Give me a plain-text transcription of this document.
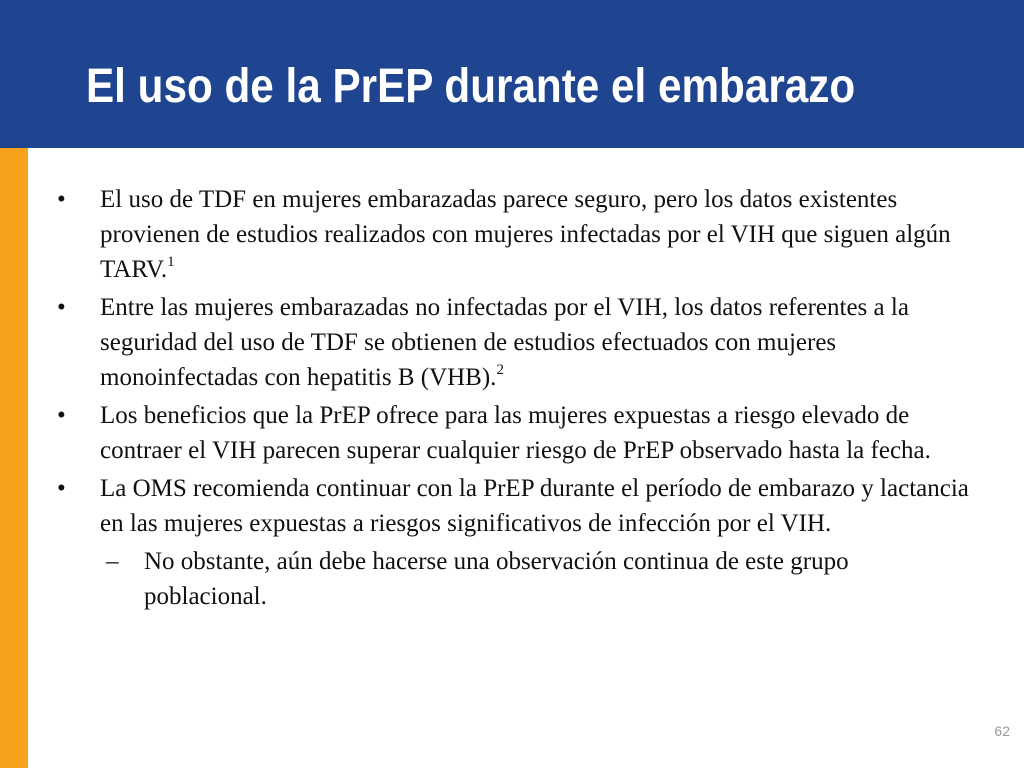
El uso de la PrEP durante el embarazo
• El uso de TDF en mujeres embarazadas parece seguro, pero los datos existentes provienen de estudios realizados con mujeres infectadas por el VIH que siguen algún TARV.$^1$
• Entre las mujeres embarazadas no infectadas por el VIH, los datos referentes a la seguridad del uso de TDF se obtienen de estudios efectuados con mujeres monoinfectadas con hepatitis B (VHB).$^2$
• Los beneficios que la PrEP ofrece para las mujeres expuestas a riesgo elevado de contraer el VIH parecen superar cualquier riesgo de PrEP observado hasta la fecha.
• La OMS recomienda continuar con la PrEP durante el período de embarazo y lactancia en las mujeres expuestas a riesgos significativos de infección por el VIH.
– No obstante, aún debe hacerse una observación continua de este grupo poblacional.
62
